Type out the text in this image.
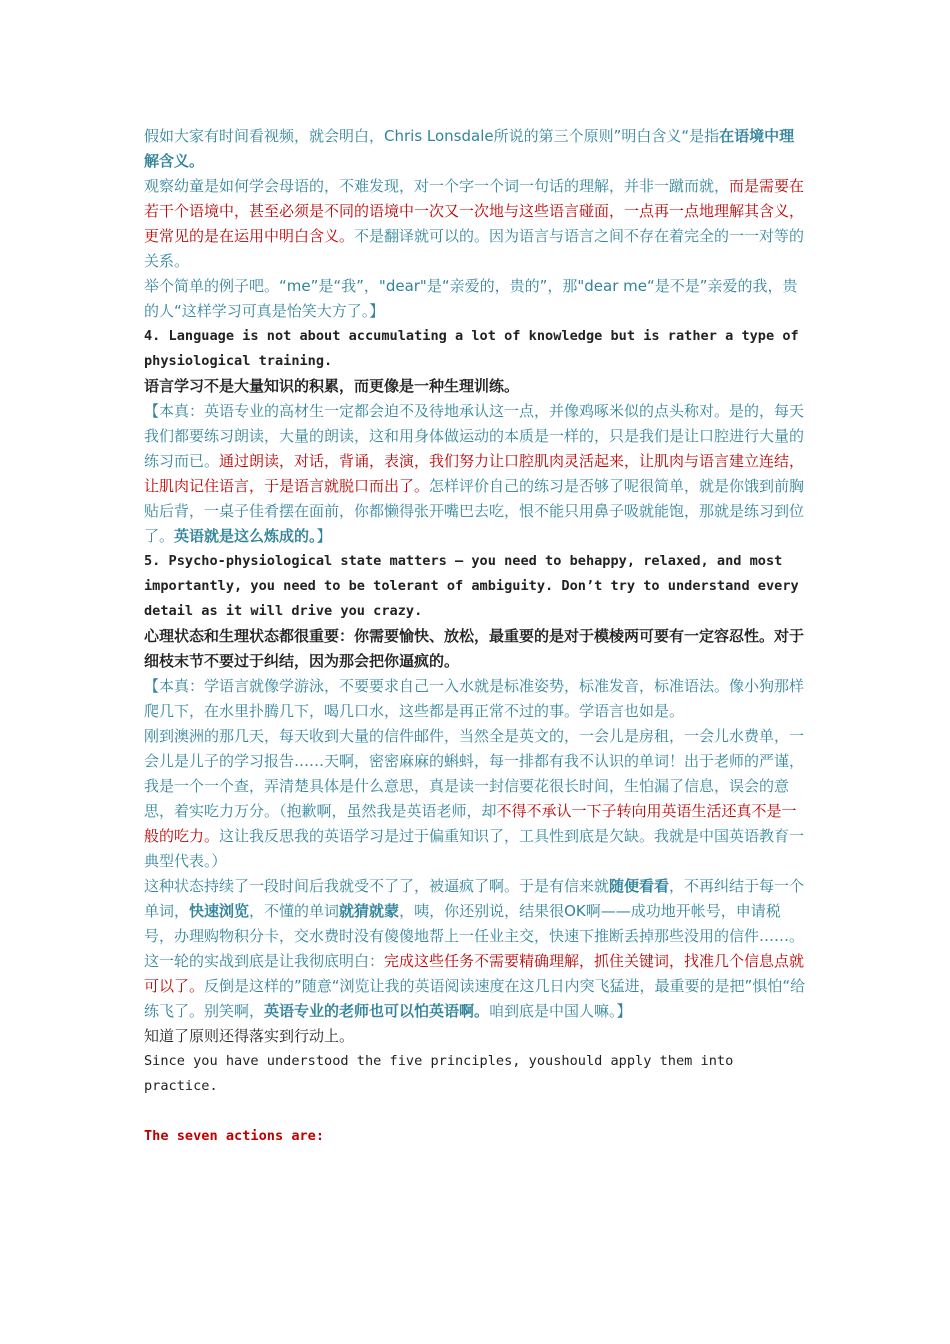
假如大家有时间看视频，就会明白，Chris Lonsdale所说的第三个原则”明白含义“是指在语境中理解含义。

观察幼童是如何学会母语的，不难发现，对一个字一个词一句话的理解，并非一蹴而就，而是需要在若干个语境中，甚至必须是不同的语境中一次又一次地与这些语言碰面，一点再一点地理解其含义，更常见的是在运用中明白含义。不是翻译就可以的。因为语言与语言之间不存在着完全的一一对等的关系。

举个简单的例子吧。“me”是“我”，"dear"是“亲爱的，贵的”，那"dear me“是不是”亲爱的我，贵的人“这样学习可真是怡笑大方了。】

4. Language is not about accumulating a lot of knowledge but is rather a type of physiological training.

语言学习不是大量知识的积累，而更像是一种生理训练。

【本真：英语专业的高材生一定都会迫不及待地承认这一点，并像鸡啄米似的点头称对。是的，每天我们都要练习朗读，大量的朗读，这和用身体做运动的本质是一样的，只是我们是让口腔进行大量的练习而已。通过朗读，对话，背诵，表演，我们努力让口腔肌肉灵活起来，让肌肉与语言建立连结，让肌肉记住语言，于是语言就脱口而出了。怎样评价自己的练习是否够了呢很简单，就是你饿到前胸贴后背，一桌子佳肴摆在面前，你都懒得张开嘴巴去吃，恨不能只用鼻子吸就能饱，那就是练习到位了。英语就是这么炼成的。】

5. Psycho-physiological state matters – you need to behappy, relaxed, and most importantly, you need to be tolerant of ambiguity. Don’t try to understand every detail as it will drive you crazy.

心理状态和生理状态都很重要：你需要愉快、放松，最重要的是对于模棱两可要有一定容忍性。对于细枝末节不要过于纠结，因为那会把你逼疯的。

【本真：学语言就像学游泳，不要要求自己一入水就是标准姿势，标准发音，标准语法。像小狗那样爬几下，在水里扑腾几下，喝几口水，这些都是再正常不过的事。学语言也如是。

刚到澳洲的那几天，每天收到大量的信件邮件，当然全是英文的，一会儿是房租，一会儿水费单，一会儿是儿子的学习报告……天啊，密密麻麻的蝌蚪，每一排都有我不认识的单词！出于老师的严谨，我是一个一个查，弄清楚具体是什么意思，真是读一封信要花很长时间，生怕漏了信息，误会的意思，着实吃力万分。（抱歉啊，虽然我是英语老师，却不得不承认一下子转向用英语生活还真不是一般的吃力。这让我反思我的英语学习是过于偏重知识了，工具性到底是欠缺。我就是中国英语教育一典型代表。）

这种状态持续了一段时间后我就受不了了，被逼疯了啊。于是有信来就随便看看，不再纠结于每一个单词，快速浏览，不懂的单词就猜就蒙，咦，你还别说，结果很OK啊——成功地开帐号，申请税号，办理购物积分卡，交水费时没有傻傻地帮上一任业主交，快速下推断丢掉那些没用的信件……。这一轮的实战到底是让我彻底明白：完成这些任务不需要精确理解，抓住关键词，找准几个信息点就可以了。反倒是这样的”随意“浏览让我的英语阅读速度在这几日内突飞猛进，最重要的是把”惧怕“给练飞了。别笑啊，英语专业的老师也可以怕英语啊。咱到底是中国人嘛。】

知道了原则还得落实到行动上。

Since you have understood the five principles, youshould apply them into practice.

The seven actions are:
